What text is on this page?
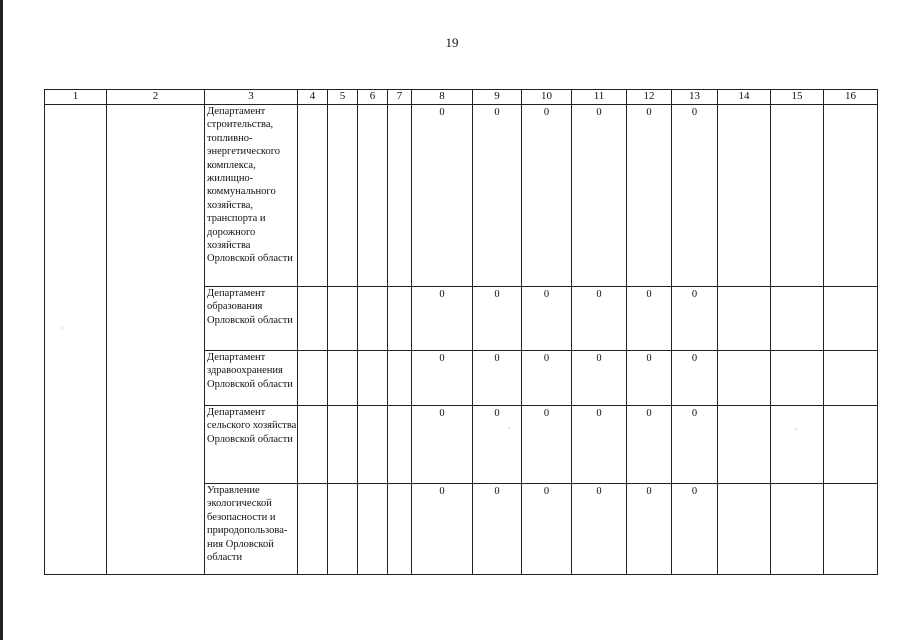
19
1	2	3	4	5	6	7	8	9	10	11	12	13	14	15	16
		Департамент строительства, топливно-энергетического комплекса, жилищно-коммунального хозяйства, транспорта и дорожного хозяйства Орловской области					0	0	0	0	0	0			
		Департамент образования Орловской области					0	0	0	0	0	0			
		Департамент здравоохранения Орловской области					0	0	0	0	0	0			
		Департамент сельского хозяйства Орловской области					0	0	0	0	0	0			
		Управление экологической безопасности и природопользова-ния Орловской области					0	0	0	0	0	0			
·
·	·
